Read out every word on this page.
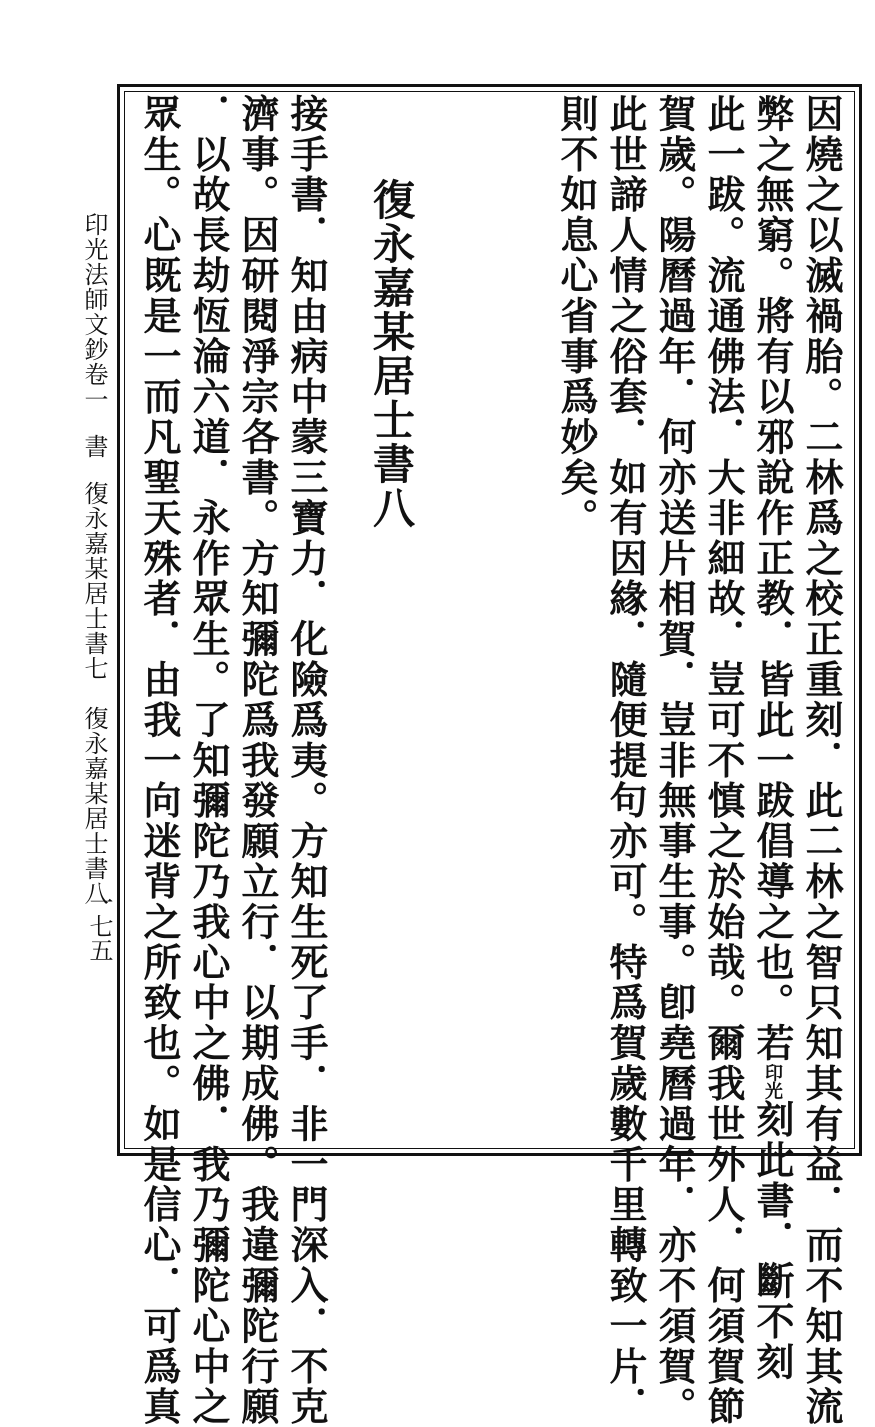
因燒之以滅禍胎。二林爲之校正重刻．此二林之智只知其有益．而不知其流
弊之無窮。將有以邪說作正教．皆此一跋倡導之也。若印光刻此書．斷不刻
此一跋。流通佛法．大非細故．豈可不慎之於始哉。爾我世外人．何須賀節
賀歲。陽曆過年．何亦送片相賀．豈非無事生事。卽堯曆過年．亦不須賀。
此世諦人情之俗套．如有因緣．隨便提句亦可。特爲賀歲數千里轉致一片．
則不如息心省事爲妙矣。
復永嘉某居士書八
接手書．知由病中蒙三寶力．化險爲夷。方知生死了手．非一門深入．不克
濟事。因研閱淨宗各書。方知彌陀爲我發願立行．以期成佛。我違彌陀行願
．以故長劫恆淪六道．永作眾生。了知彌陀乃我心中之佛．我乃彌陀心中之
眾生。心既是一而凡聖天殊者．由我一向迷背之所致也。如是信心．可爲真
印光法師文鈔卷一書復永嘉某居士書七　復永嘉某居士書八
一七五
